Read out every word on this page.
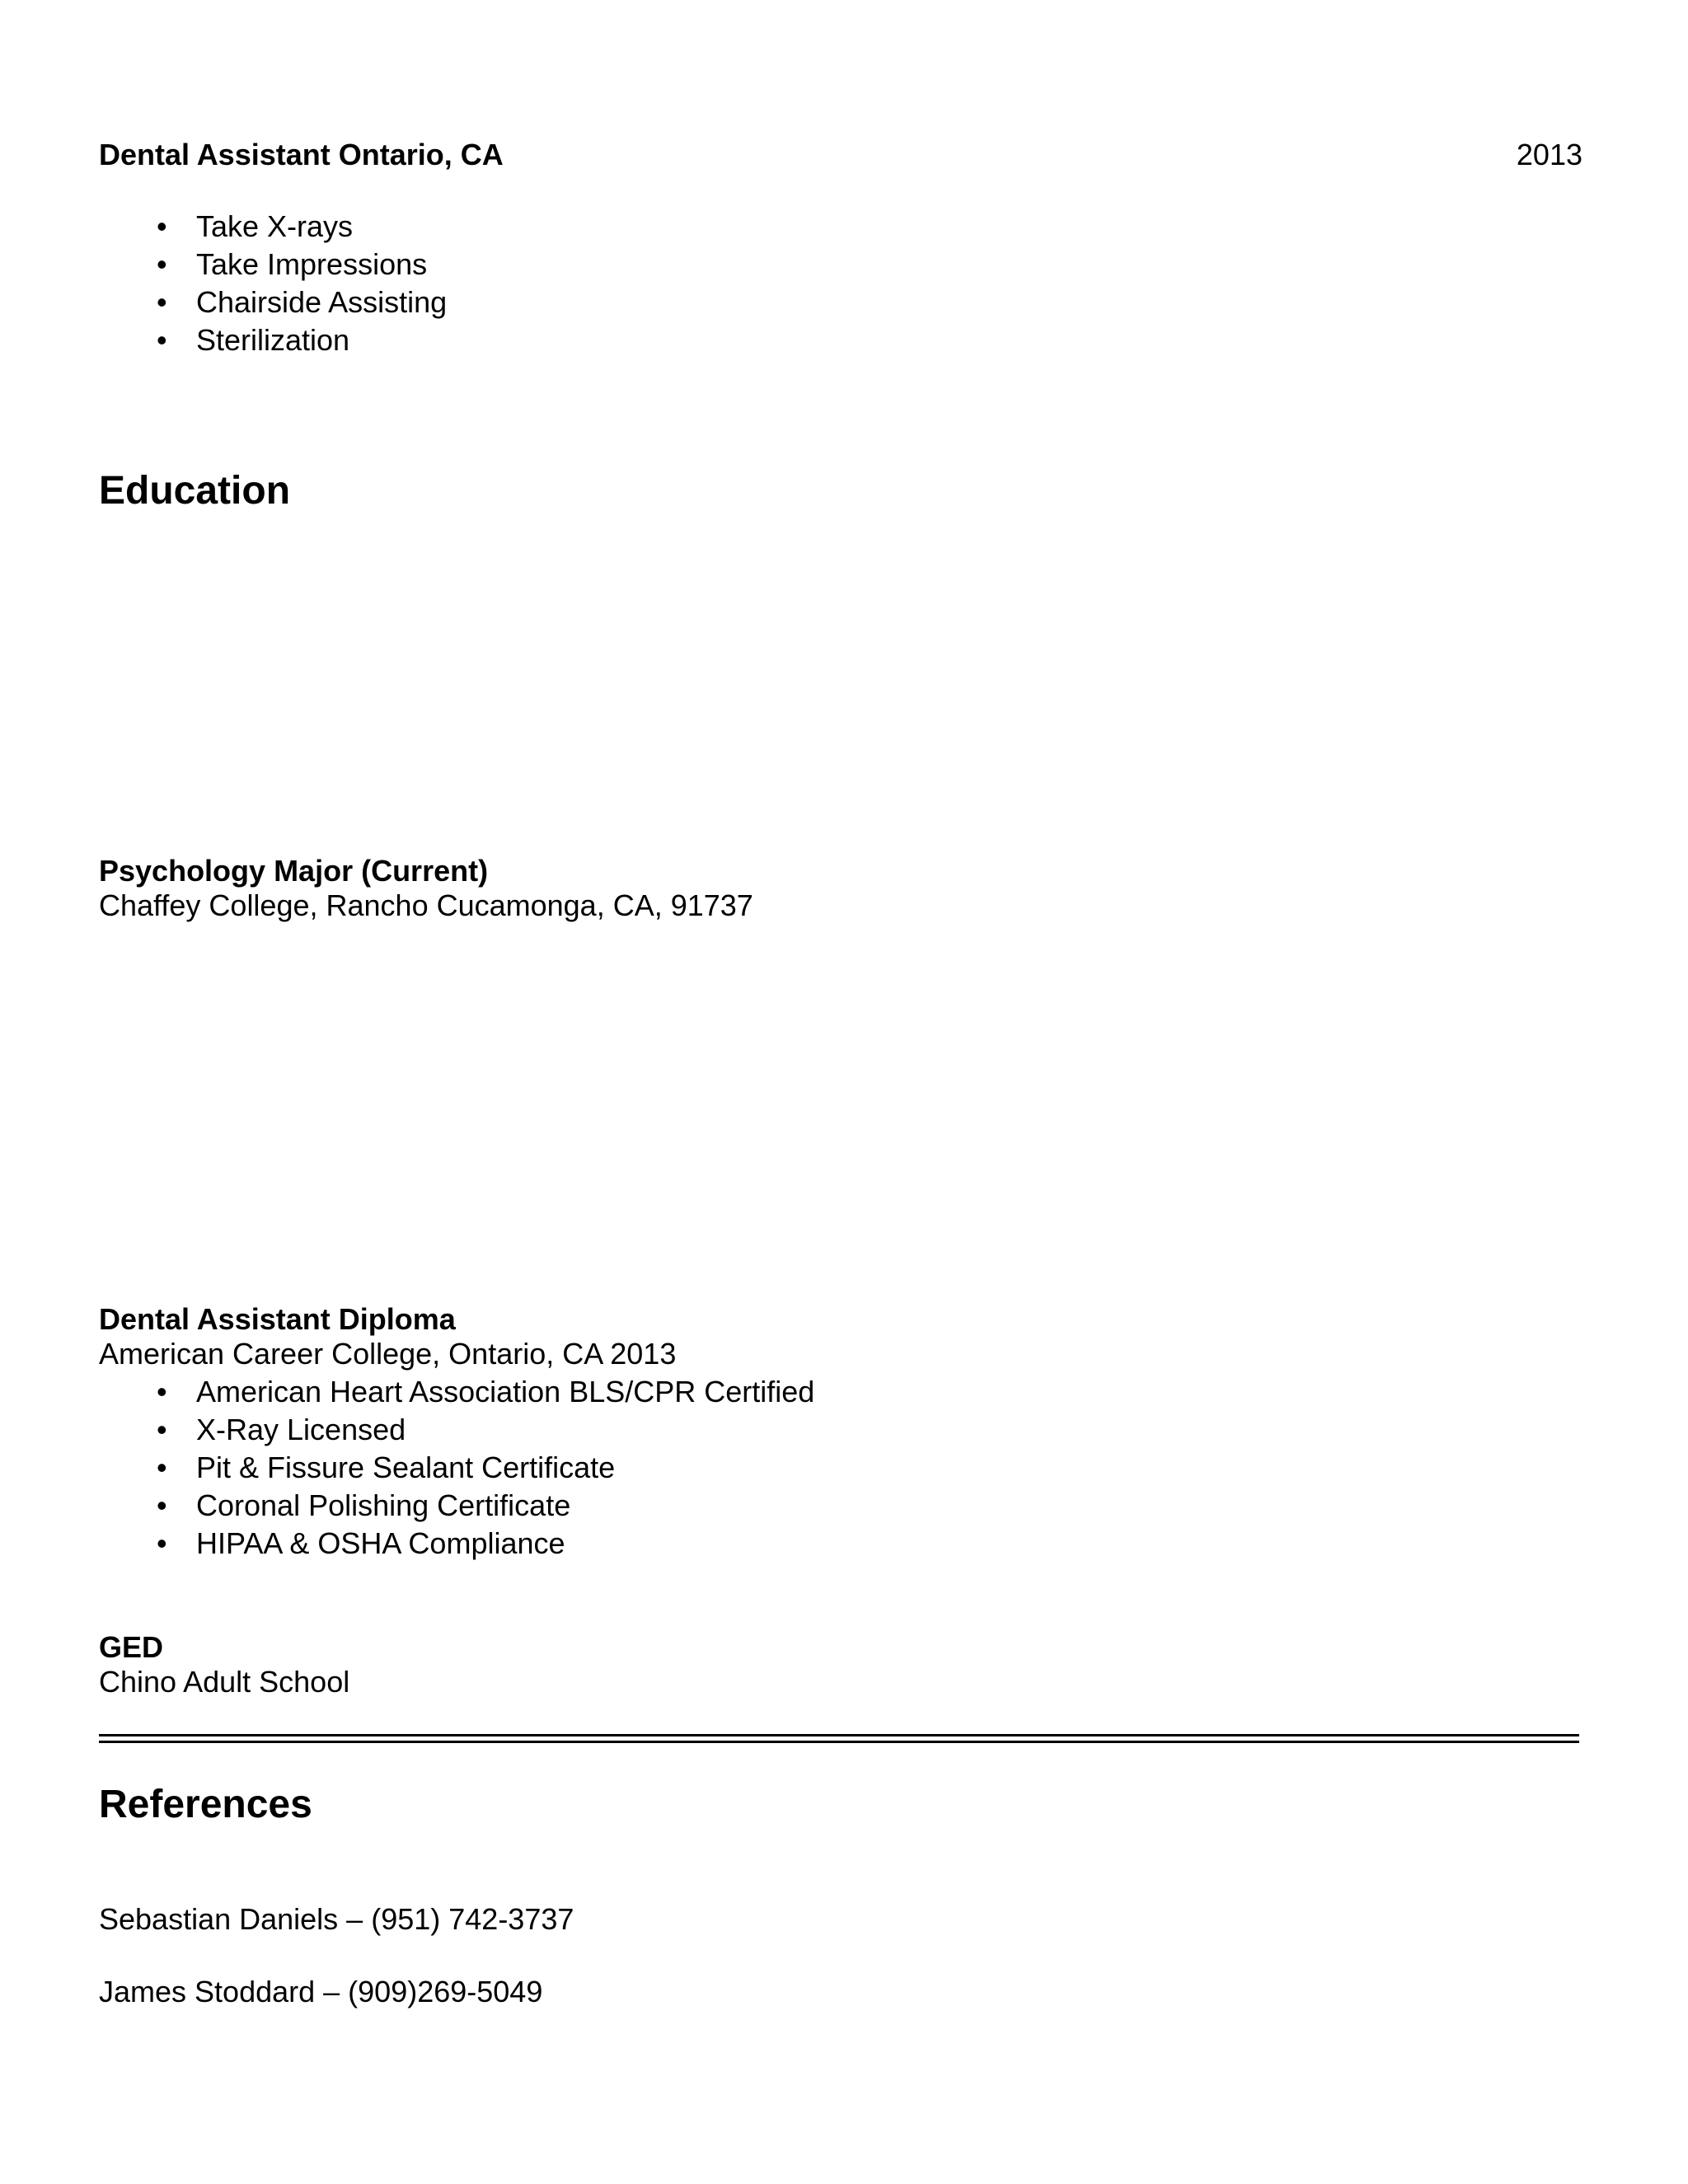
Dental Assistant Ontario, CA	2013
• Take X-rays
• Take Impressions
• Chairside Assisting
• Sterilization
Education
Psychology Major (Current)
Chaffey College, Rancho Cucamonga, CA, 91737
Dental Assistant Diploma
American Career College, Ontario, CA 2013
• American Heart Association BLS/CPR Certified
• X-Ray Licensed
• Pit & Fissure Sealant Certificate
• Coronal Polishing Certificate
• HIPAA & OSHA Compliance
GED
Chino Adult School
References
Sebastian Daniels – (951) 742-3737
James Stoddard – (909)269-5049
